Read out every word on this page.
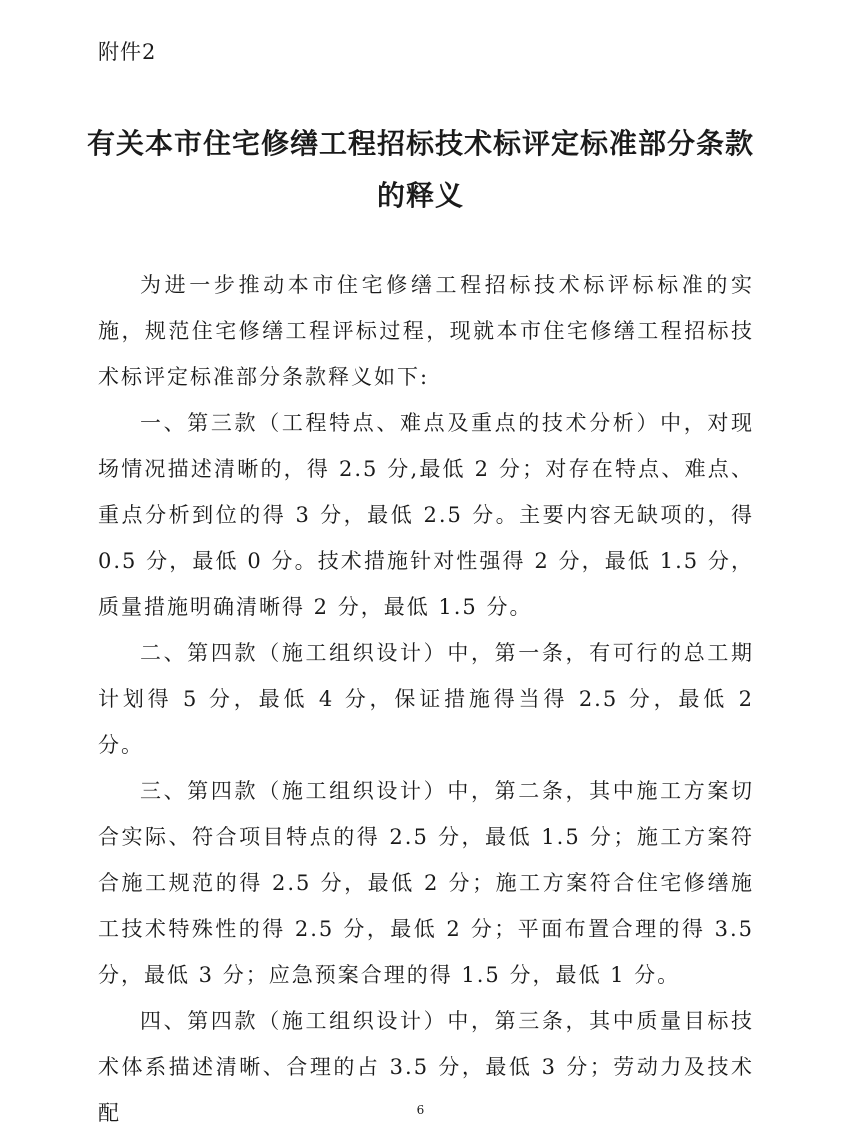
附件2
有关本市住宅修缮工程招标技术标评定标准部分条款
的释义

为进一步推动本市住宅修缮工程招标技术标评标标准的实施，规范住宅修缮工程评标过程，现就本市住宅修缮工程招标技术标评定标准部分条款释义如下:

一、第三款（工程特点、难点及重点的技术分析）中，对现场情况描述清晰的，得 2.5 分,最低 2 分；对存在特点、难点、重点分析到位的得 3 分，最低 2.5 分。主要内容无缺项的，得 0.5 分，最低 0 分。技术措施针对性强得 2 分，最低 1.5 分，质量措施明确清晰得 2 分，最低 1.5 分。

二、第四款（施工组织设计）中，第一条，有可行的总工期计划得 5 分，最低 4 分，保证措施得当得 2.5 分，最低 2 分。

三、第四款（施工组织设计）中，第二条，其中施工方案切合实际、符合项目特点的得 2.5 分，最低 1.5 分；施工方案符合施工规范的得 2.5 分，最低 2 分；施工方案符合住宅修缮施工技术特殊性的得 2.5 分，最低 2 分；平面布置合理的得 3.5 分，最低 3 分；应急预案合理的得 1.5 分，最低 1 分。

四、第四款（施工组织设计）中，第三条，其中质量目标技术体系描述清晰、合理的占 3.5 分，最低 3 分；劳动力及技术配	6
